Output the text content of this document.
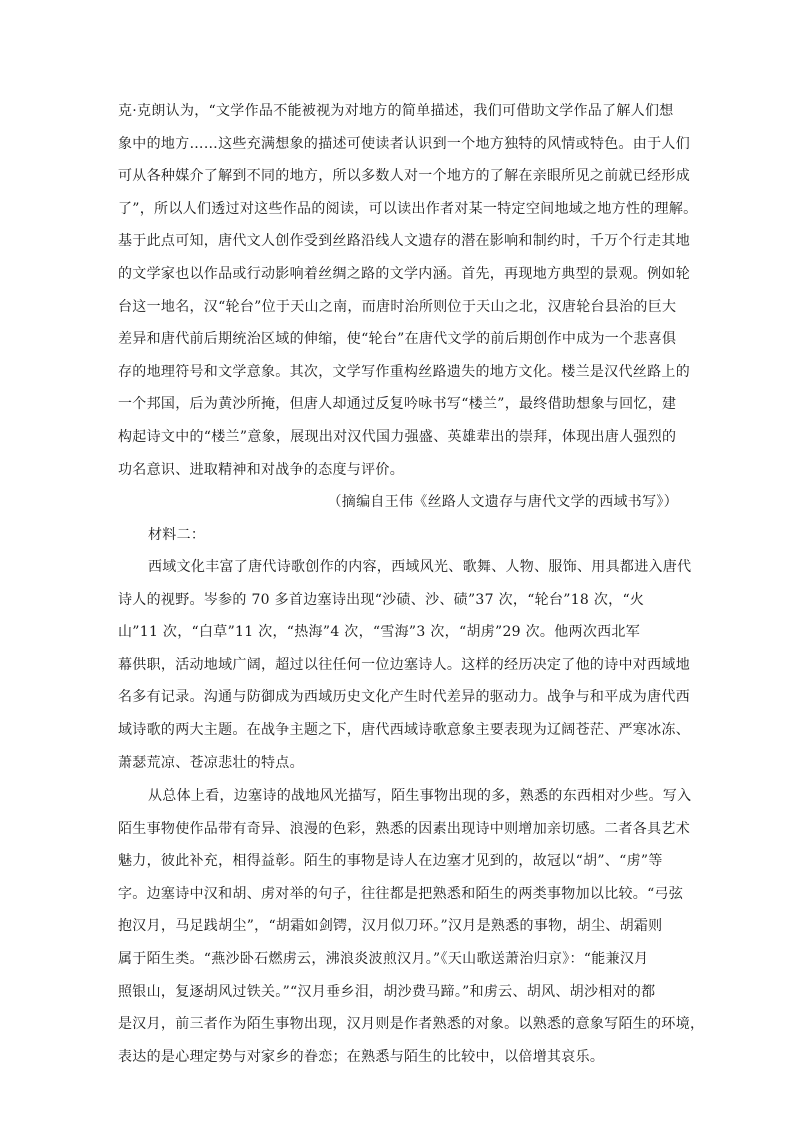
克·克朗认为，“文学作品不能被视为对地方的简单描述，我们可借助文学作品了解人们想
象中的地方……这些充满想象的描述可使读者认识到一个地方独特的风情或特色。由于人们
可从各种媒介了解到不同的地方，所以多数人对一个地方的了解在亲眼所见之前就已经形成
了”，所以人们透过对这些作品的阅读，可以读出作者对某一特定空间地域之地方性的理解。
基于此点可知，唐代文人创作受到丝路沿线人文遗存的潜在影响和制约时，千万个行走其地
的文学家也以作品或行动影响着丝绸之路的文学内涵。首先，再现地方典型的景观。例如轮
台这一地名，汉“轮台”位于天山之南，而唐时治所则位于天山之北，汉唐轮台县治的巨大
差异和唐代前后期统治区域的伸缩，使“轮台”在唐代文学的前后期创作中成为一个悲喜俱
存的地理符号和文学意象。其次，文学写作重构丝路遗失的地方文化。楼兰是汉代丝路上的
一个邦国，后为黄沙所掩，但唐人却通过反复吟咏书写“楼兰”，最终借助想象与回忆，建
构起诗文中的“楼兰”意象，展现出对汉代国力强盛、英雄辈出的崇拜，体现出唐人强烈的
功名意识、进取精神和对战争的态度与评价。
（摘编自王伟《丝路人文遗存与唐代文学的西域书写》）
材料二：
西域文化丰富了唐代诗歌创作的内容，西域风光、歌舞、人物、服饰、用具都进入唐代
诗人的视野。岑参的 70 多首边塞诗出现“沙碛、沙、碛”37 次，“轮台”18 次，“火
山”11 次，“白草”11 次，“热海”4 次，“雪海”3 次，“胡虏”29 次。他两次西北军
幕供职，活动地域广阔，超过以往任何一位边塞诗人。这样的经历决定了他的诗中对西域地
名多有记录。沟通与防御成为西域历史文化产生时代差异的驱动力。战争与和平成为唐代西
域诗歌的两大主题。在战争主题之下，唐代西域诗歌意象主要表现为辽阔苍茫、严寒冰冻、
萧瑟荒凉、苍凉悲壮的特点。
从总体上看，边塞诗的战地风光描写，陌生事物出现的多，熟悉的东西相对少些。写入
陌生事物使作品带有奇异、浪漫的色彩，熟悉的因素出现诗中则增加亲切感。二者各具艺术
魅力，彼此补充，相得益彰。陌生的事物是诗人在边塞才见到的，故冠以“胡”、“虏”等
字。边塞诗中汉和胡、虏对举的句子，往往都是把熟悉和陌生的两类事物加以比较。“弓弦
抱汉月，马足践胡尘”，“胡霜如剑锷，汉月似刀环。”汉月是熟悉的事物，胡尘、胡霜则
属于陌生类。“燕沙卧石燃虏云，沸浪炎波煎汉月。”《天山歌送萧治归京》：“能兼汉月
照银山，复逐胡风过铁关。”“汉月垂乡泪，胡沙费马蹄。”和虏云、胡风、胡沙相对的都
是汉月，前三者作为陌生事物出现，汉月则是作者熟悉的对象。以熟悉的意象写陌生的环境，
表达的是心理定势与对家乡的眷恋；在熟悉与陌生的比较中，以倍增其哀乐。
